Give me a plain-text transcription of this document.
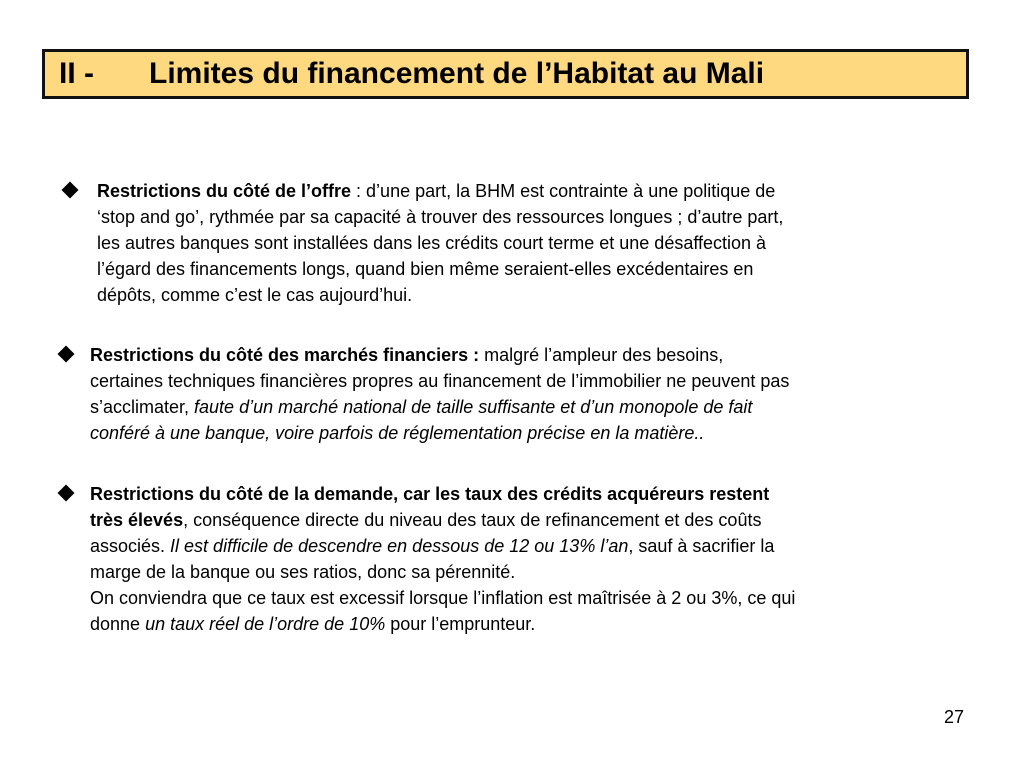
II -	Limites du financement de l’Habitat au Mali
Restrictions du côté de l’offre : d’une part, la BHM est contrainte à une politique de
‘stop and go’, rythmée par sa capacité à trouver des ressources longues ; d’autre part,
les autres banques sont installées dans les crédits court terme et une désaffection à
l’égard des financements longs, quand bien même seraient-elles excédentaires en
dépôts, comme c’est le cas aujourd’hui.
Restrictions du côté des marchés financiers : malgré l’ampleur des besoins,
certaines techniques financières propres au financement de l’immobilier ne peuvent pas
s’acclimater, faute d’un marché national de taille suffisante et d’un monopole de fait
conféré à une banque, voire parfois de réglementation précise en la matière..
Restrictions du côté de la demande, car les taux des crédits acquéreurs restent
très élevés, conséquence directe du niveau des taux de refinancement et des coûts
associés. Il est difficile de descendre en dessous de 12 ou 13% l’an, sauf à sacrifier la
marge de la banque ou ses ratios, donc sa pérennité.
On conviendra que ce taux est excessif lorsque l’inflation est maîtrisée à 2 ou 3%, ce qui
donne un taux réel de l’ordre de 10% pour l’emprunteur.
27
